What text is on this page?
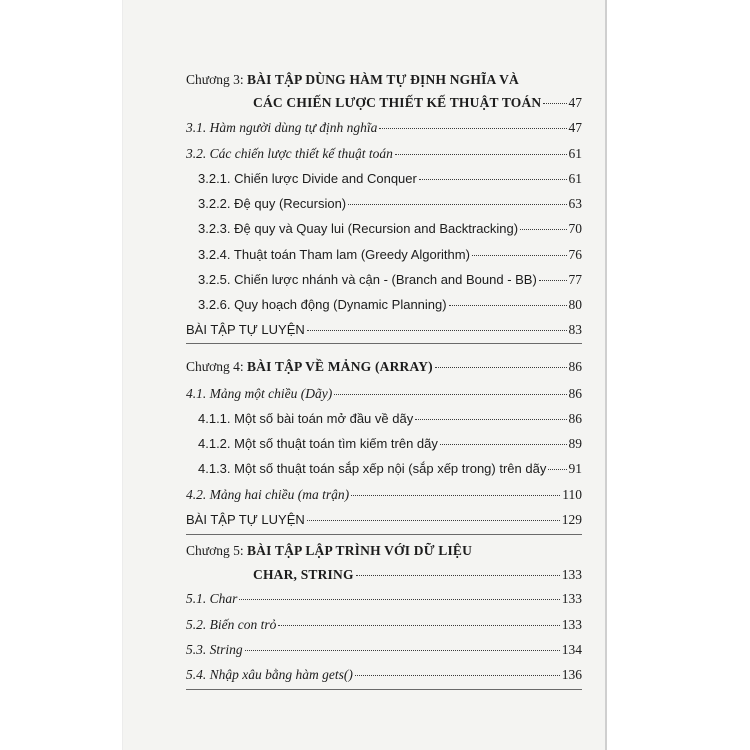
Chương 3: BÀI TẬP DÙNG HÀM TỰ ĐỊNH NGHĨA VÀ
CÁC CHIẾN LƯỢC THIẾT KẾ THUẬT TOÁN 47
3.1. Hàm người dùng tự định nghĩa	47
3.2. Các chiến lược thiết kế thuật toán	61
3.2.1. Chiến lược Divide and Conquer	61
3.2.2. Đệ quy (Recursion)	63
3.2.3. Đệ quy và Quay lui (Recursion and Backtracking)	70
3.2.4. Thuật toán Tham lam (Greedy Algorithm)	76
3.2.5. Chiến lược nhánh và cận - (Branch and Bound - BB) 77
3.2.6. Quy hoạch động (Dynamic Planning)	80
BÀI TẬP TỰ LUYỆN	83
Chương 4: BÀI TẬP VỀ MẢNG (ARRAY)	86
4.1. Mảng một chiều (Dãy)	86
4.1.1. Một số bài toán mở đầu về dãy	86
4.1.2. Một số thuật toán tìm kiếm trên dãy	89
4.1.3. Một số thuật toán sắp xếp nội (sắp xếp trong) trên dãy 91
4.2. Mảng hai chiều (ma trận)	110
BÀI TẬP TỰ LUYỆN	129
Chương 5: BÀI TẬP LẬP TRÌNH VỚI DỮ LIỆU
CHAR, STRING	133
5.1. Char	133
5.2. Biến con trỏ	133
5.3. String	134
5.4. Nhập xâu bằng hàm gets()	136
